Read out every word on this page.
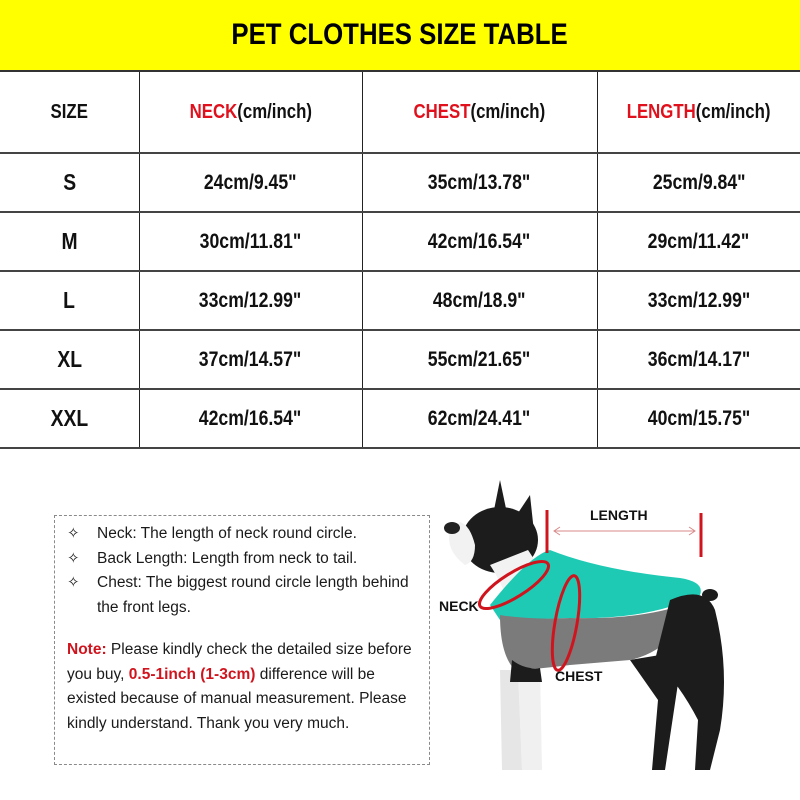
PET CLOTHES SIZE TABLE
SIZE	NECK(cm/inch)	CHEST(cm/inch)	LENGTH(cm/inch)
S	24cm/9.45"	35cm/13.78"	25cm/9.84"
M	30cm/11.81"	42cm/16.54"	29cm/11.42"
L	33cm/12.99"	48cm/18.9"	33cm/12.99"
XL	37cm/14.57"	55cm/21.65"	36cm/14.17"
XXL	42cm/16.54"	62cm/24.41"	40cm/15.75"
✧	Neck: The length of neck round circle.
✧	Back Length: Length from neck to tail.
✧	Chest: The biggest round circle length behind the front legs.

Note: Please kindly check the detailed size before you buy, 0.5-1inch (1-3cm) difference will be existed because of manual measurement. Please kindly understand. Thank you very much.

LENGTH
NECK
CHEST
